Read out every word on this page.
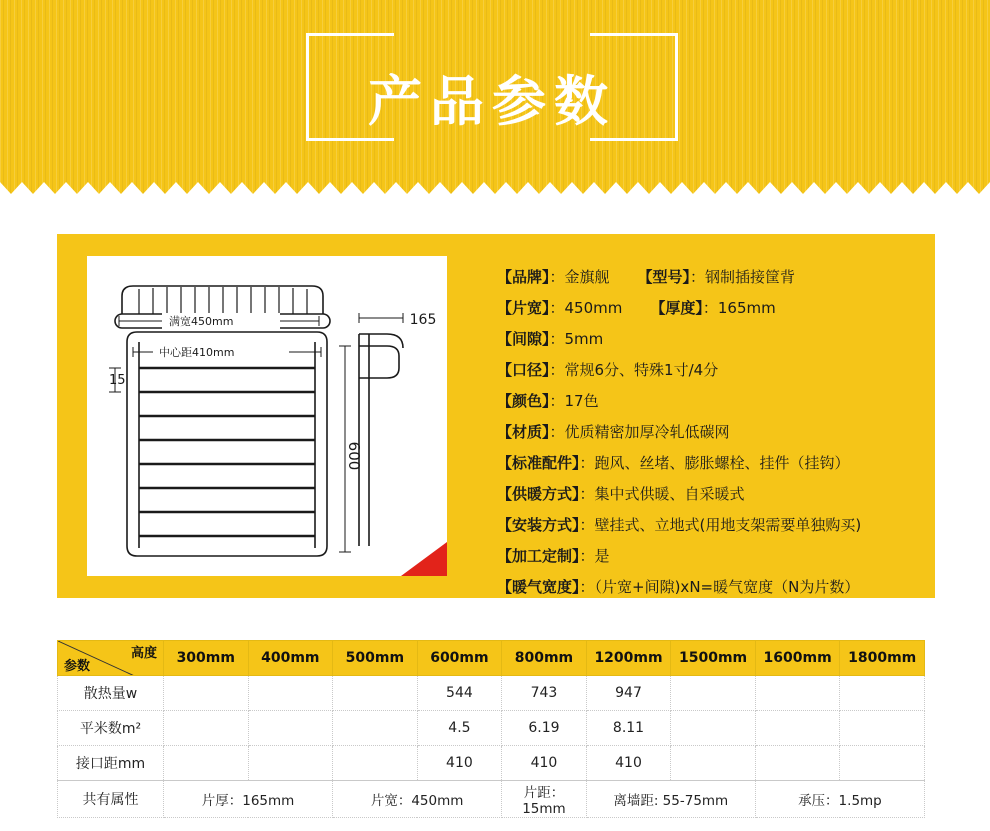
产品参数
满宽450mm
中心距410mm
165
15
600
【品牌】：金旗舰 【型号】：钢制插接筐背
【片宽】：450mm 【厚度】：165mm
【间隙】：5mm
【口径】：常规6分、特殊1寸/4分
【颜色】：17色
【材质】：优质精密加厚冷轧低碳网
【标准配件】：跑风、丝堵、膨胀螺栓、挂件（挂钩）
【供暖方式】：集中式供暖、自采暖式
【安装方式】：壁挂式、立地式(用地支架需要单独购买)
【加工定制】：是
【暖气宽度】：（片宽+间隙)xN=暖气宽度（N为片数）
高度
参数	300mm	400mm	500mm	600mm	800mm	1200mm	1500mm	1600mm	1800mm
散热量w				544	743	947			
平米数m²				4.5	6.19	8.11			
接口距mm				410	410	410			
共有属性	片厚：165mm		片宽：450mm		片距：15mm	离墙距: 55-75mm		承压：1.5mp	
